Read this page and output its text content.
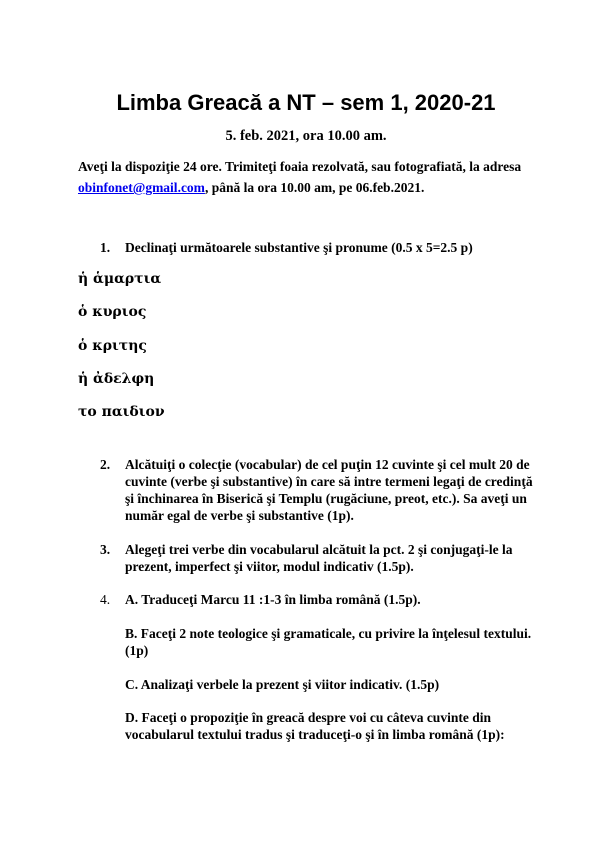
Limba Greacă a NT – sem 1, 2020-21
5. feb. 2021, ora 10.00 am.
Aveţi la dispoziţie 24 ore. Trimiteţi foaia rezolvată, sau fotografiată, la adresa obinfonet@gmail.com, până la ora 10.00 am, pe 06.feb.2021.
1.	Declinaţi următoarele substantive şi pronume (0.5 x 5=2.5 p)
ἡ ἁμαρτια
ὁ κυριος
ὁ κριτης
ἡ ἀδελφη
το παιδιον
2.	Alcătuiţi o colecţie (vocabular) de cel puţin 12 cuvinte şi cel mult 20 de cuvinte (verbe şi substantive) în care să intre termeni legaţi de credinţă şi închinarea în Biserică şi Templu (rugăciune, preot, etc.). Sa aveţi un număr egal de verbe şi substantive (1p).
3.	Alegeţi trei verbe din vocabularul alcătuit la pct. 2 şi conjugaţi-le la prezent, imperfect şi viitor, modul indicativ (1.5p).
4.	A. Traduceţi Marcu 11 :1-3 în limba română (1.5p).
B. Faceţi 2 note teologice şi gramaticale, cu privire la înţelesul textului. (1p)
C. Analizaţi verbele la prezent şi viitor indicativ. (1.5p)
D. Faceţi o propoziţie în greacă despre voi cu câteva cuvinte din vocabularul textului tradus şi traduceţi-o şi în limba română (1p):
